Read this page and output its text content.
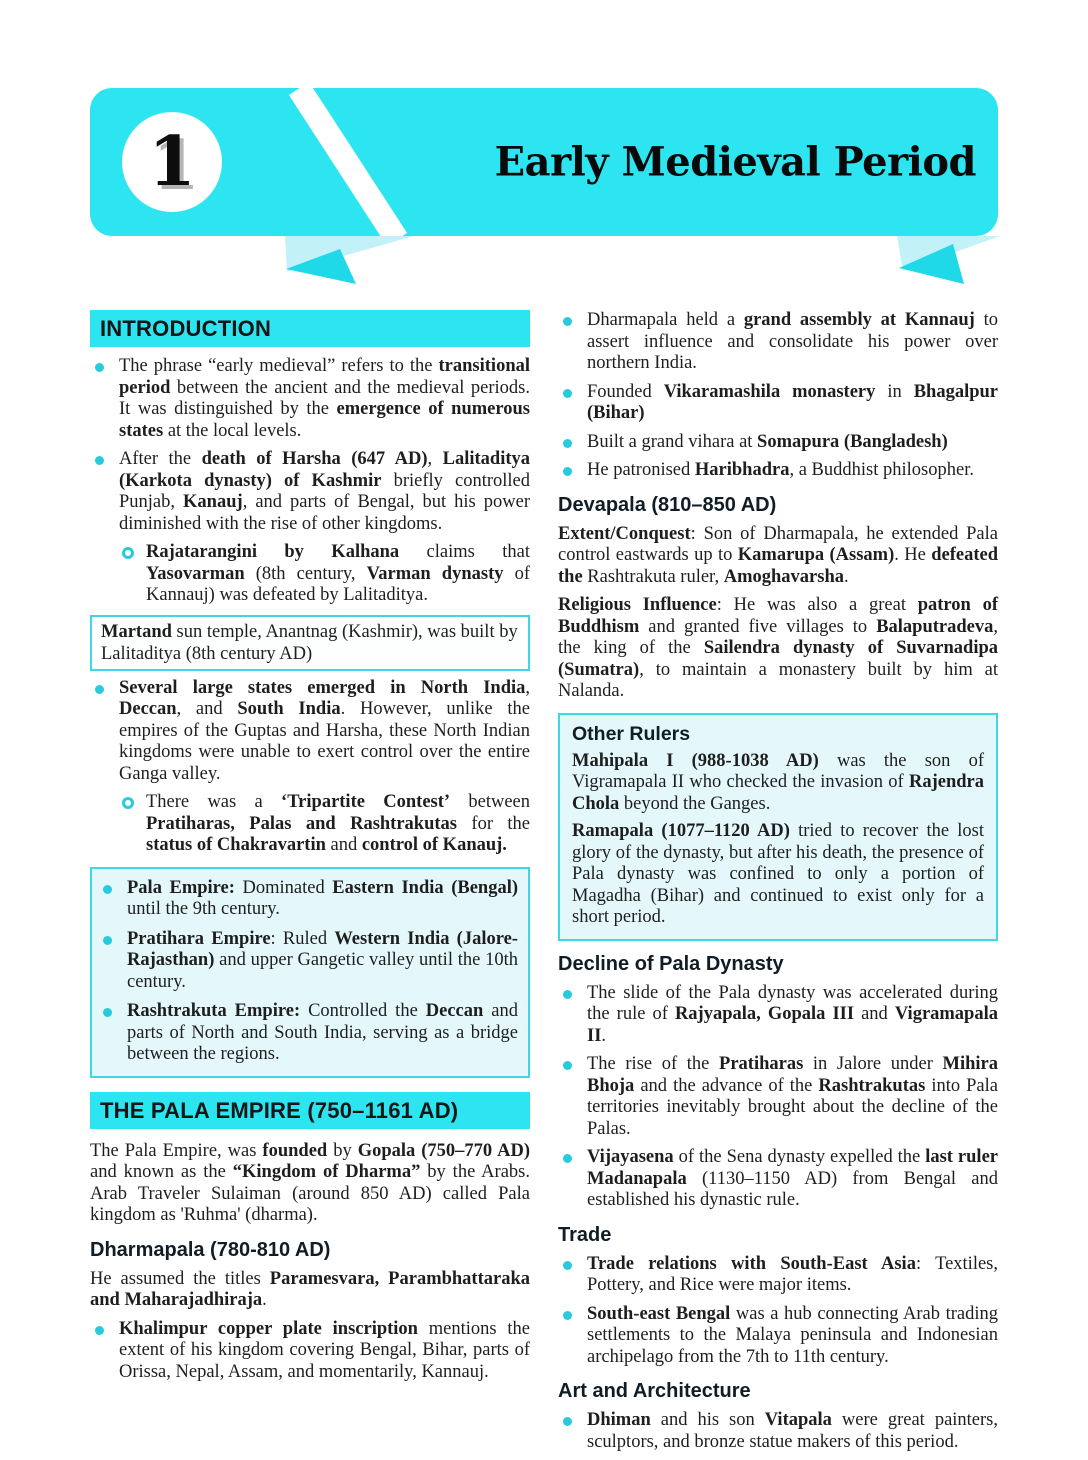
1	Early Medieval Period
INTRODUCTION

The phrase “early medieval” refers to the transitional period between the ancient and the medieval periods. It was distinguished by the emergence of numerous states at the local levels.

After the death of Harsha (647 AD), Lalitaditya (Karkota dynasty) of Kashmir briefly controlled Punjab, Kanauj, and parts of Bengal, but his power diminished with the rise of other kingdoms.

Rajatarangini by Kalhana claims that Yasovarman (8th century, Varman dynasty of Kannauj) was defeated by Lalitaditya.

Martand sun temple, Anantnag (Kashmir), was built by Lalitaditya (8th century AD)

Several large states emerged in North India, Deccan, and South India. However, unlike the empires of the Guptas and Harsha, these North Indian kingdoms were unable to exert control over the entire Ganga valley.

There was a ‘Tripartite Contest’ between Pratiharas, Palas and Rashtrakutas for the status of Chakravartin and control of Kanauj.

Pala Empire: Dominated Eastern India (Bengal) until the 9th century.

Pratihara Empire: Ruled Western India (Jalore-Rajasthan) and upper Gangetic valley until the 10th century.

Rashtrakuta Empire: Controlled the Deccan and parts of North and South India, serving as a bridge between the regions.

THE PALA EMPIRE (750–1161 AD)

The Pala Empire, was founded by Gopala (750–770 AD) and known as the “Kingdom of Dharma” by the Arabs. Arab Traveler Sulaiman (around 850 AD) called Pala kingdom as 'Ruhma' (dharma).

Dharmapala (780-810 AD)

He assumed the titles Paramesvara, Parambhattaraka and Maharajadhiraja.

Khalimpur copper plate inscription mentions the extent of his kingdom covering Bengal, Bihar, parts of Orissa, Nepal, Assam, and momentarily, Kannauj.

Dharmapala held a grand assembly at Kannauj to assert influence and consolidate his power over northern India.

Founded Vikaramashila monastery in Bhagalpur (Bihar)

Built a grand vihara at Somapura (Bangladesh)

He patronised Haribhadra, a Buddhist philosopher.

Devapala (810–850 AD)

Extent/Conquest: Son of Dharmapala, he extended Pala control eastwards up to Kamarupa (Assam). He defeated the Rashtrakuta ruler, Amoghavarsha.

Religious Influence: He was also a great patron of Buddhism and granted five villages to Balaputradeva, the king of the Sailendra dynasty of Suvarnadipa (Sumatra), to maintain a monastery built by him at Nalanda.

Other Rulers

Mahipala I (988-1038 AD) was the son of Vigramapala II who checked the invasion of Rajendra Chola beyond the Ganges.

Ramapala (1077–1120 AD) tried to recover the lost glory of the dynasty, but after his death, the presence of Pala dynasty was confined to only a portion of Magadha (Bihar) and continued to exist only for a short period.

Decline of Pala Dynasty

The slide of the Pala dynasty was accelerated during the rule of Rajyapala, Gopala III and Vigramapala II.

The rise of the Pratiharas in Jalore under Mihira Bhoja and the advance of the Rashtrakutas into Pala territories inevitably brought about the decline of the Palas.

Vijayasena of the Sena dynasty expelled the last ruler Madanapala (1130–1150 AD) from Bengal and established his dynastic rule.

Trade

Trade relations with South-East Asia: Textiles, Pottery, and Rice were major items.

South-east Bengal was a hub connecting Arab trading settlements to the Malaya peninsula and Indonesian archipelago from the 7th to 11th century.

Art and Architecture

Dhiman and his son Vitapala were great painters, sculptors, and bronze statue makers of this period.
